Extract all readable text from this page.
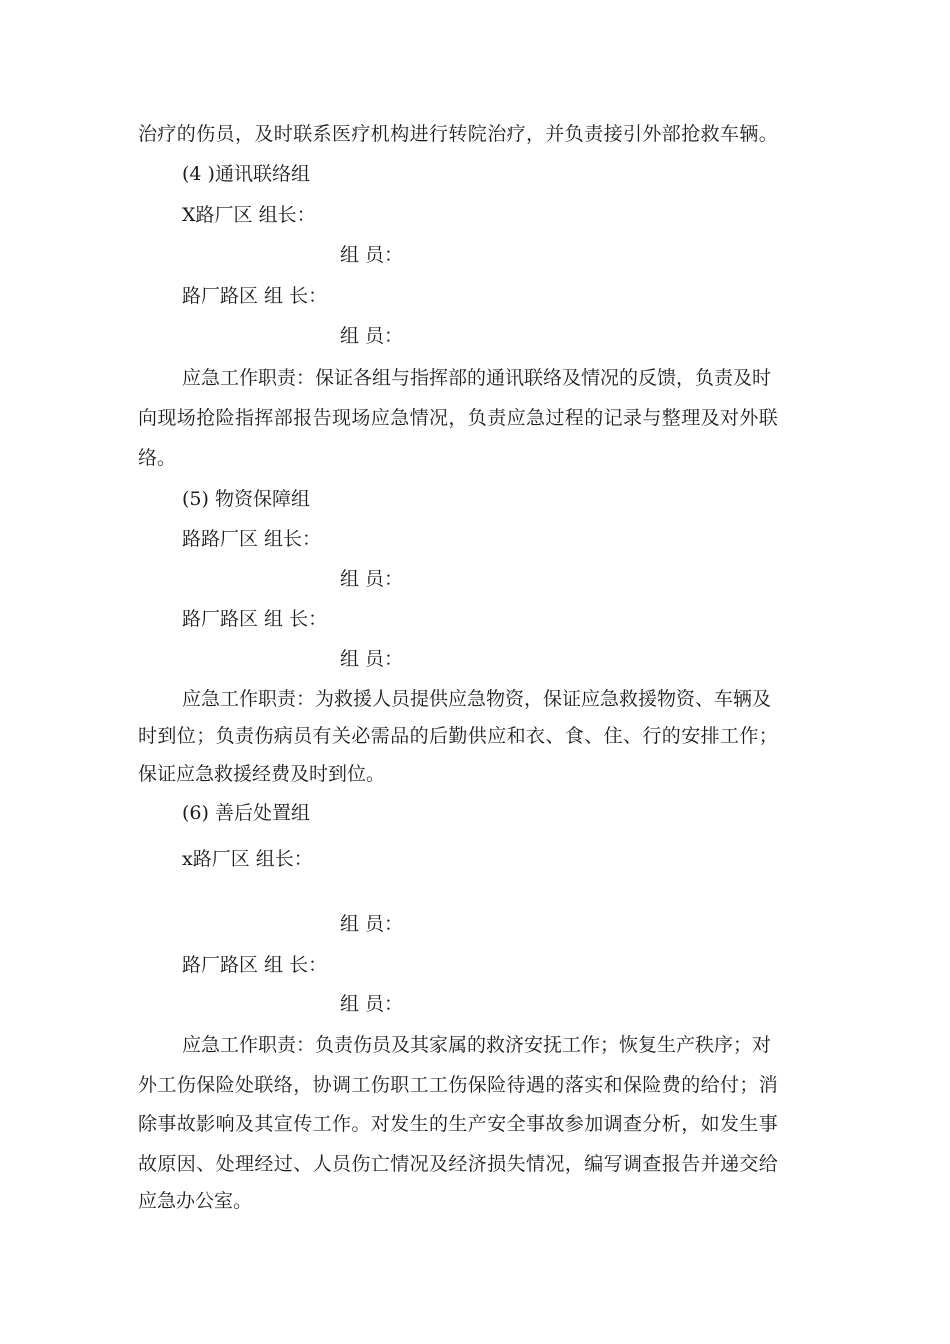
治疗的伤员，及时联系医疗机构进行转院治疗，并负责接引外部抢救车辆。
(4 )通讯联络组
X路厂区 组长：
组 员：
路厂路区 组 长：
组 员：
应急工作职责：保证各组与指挥部的通讯联络及情况的反馈，负责及时
向现场抢险指挥部报告现场应急情况，负责应急过程的记录与整理及对外联
络。
(5) 物资保障组
路路厂区 组长：
组 员：
路厂路区 组 长：
组 员：
应急工作职责：为救援人员提供应急物资，保证应急救援物资、车辆及
时到位；负责伤病员有关必需品的后勤供应和衣、食、住、行的安排工作；
保证应急救援经费及时到位。
(6) 善后处置组
x路厂区 组长：
组 员：
路厂路区 组 长：
组 员：
应急工作职责：负责伤员及其家属的救济安抚工作；恢复生产秩序；对
外工伤保险处联络，协调工伤职工工伤保险待遇的落实和保险费的给付；消
除事故影响及其宣传工作。对发生的生产安全事故参加调查分析，如发生事
故原因、处理经过、人员伤亡情况及经济损失情况，编写调查报告并递交给
应急办公室。
